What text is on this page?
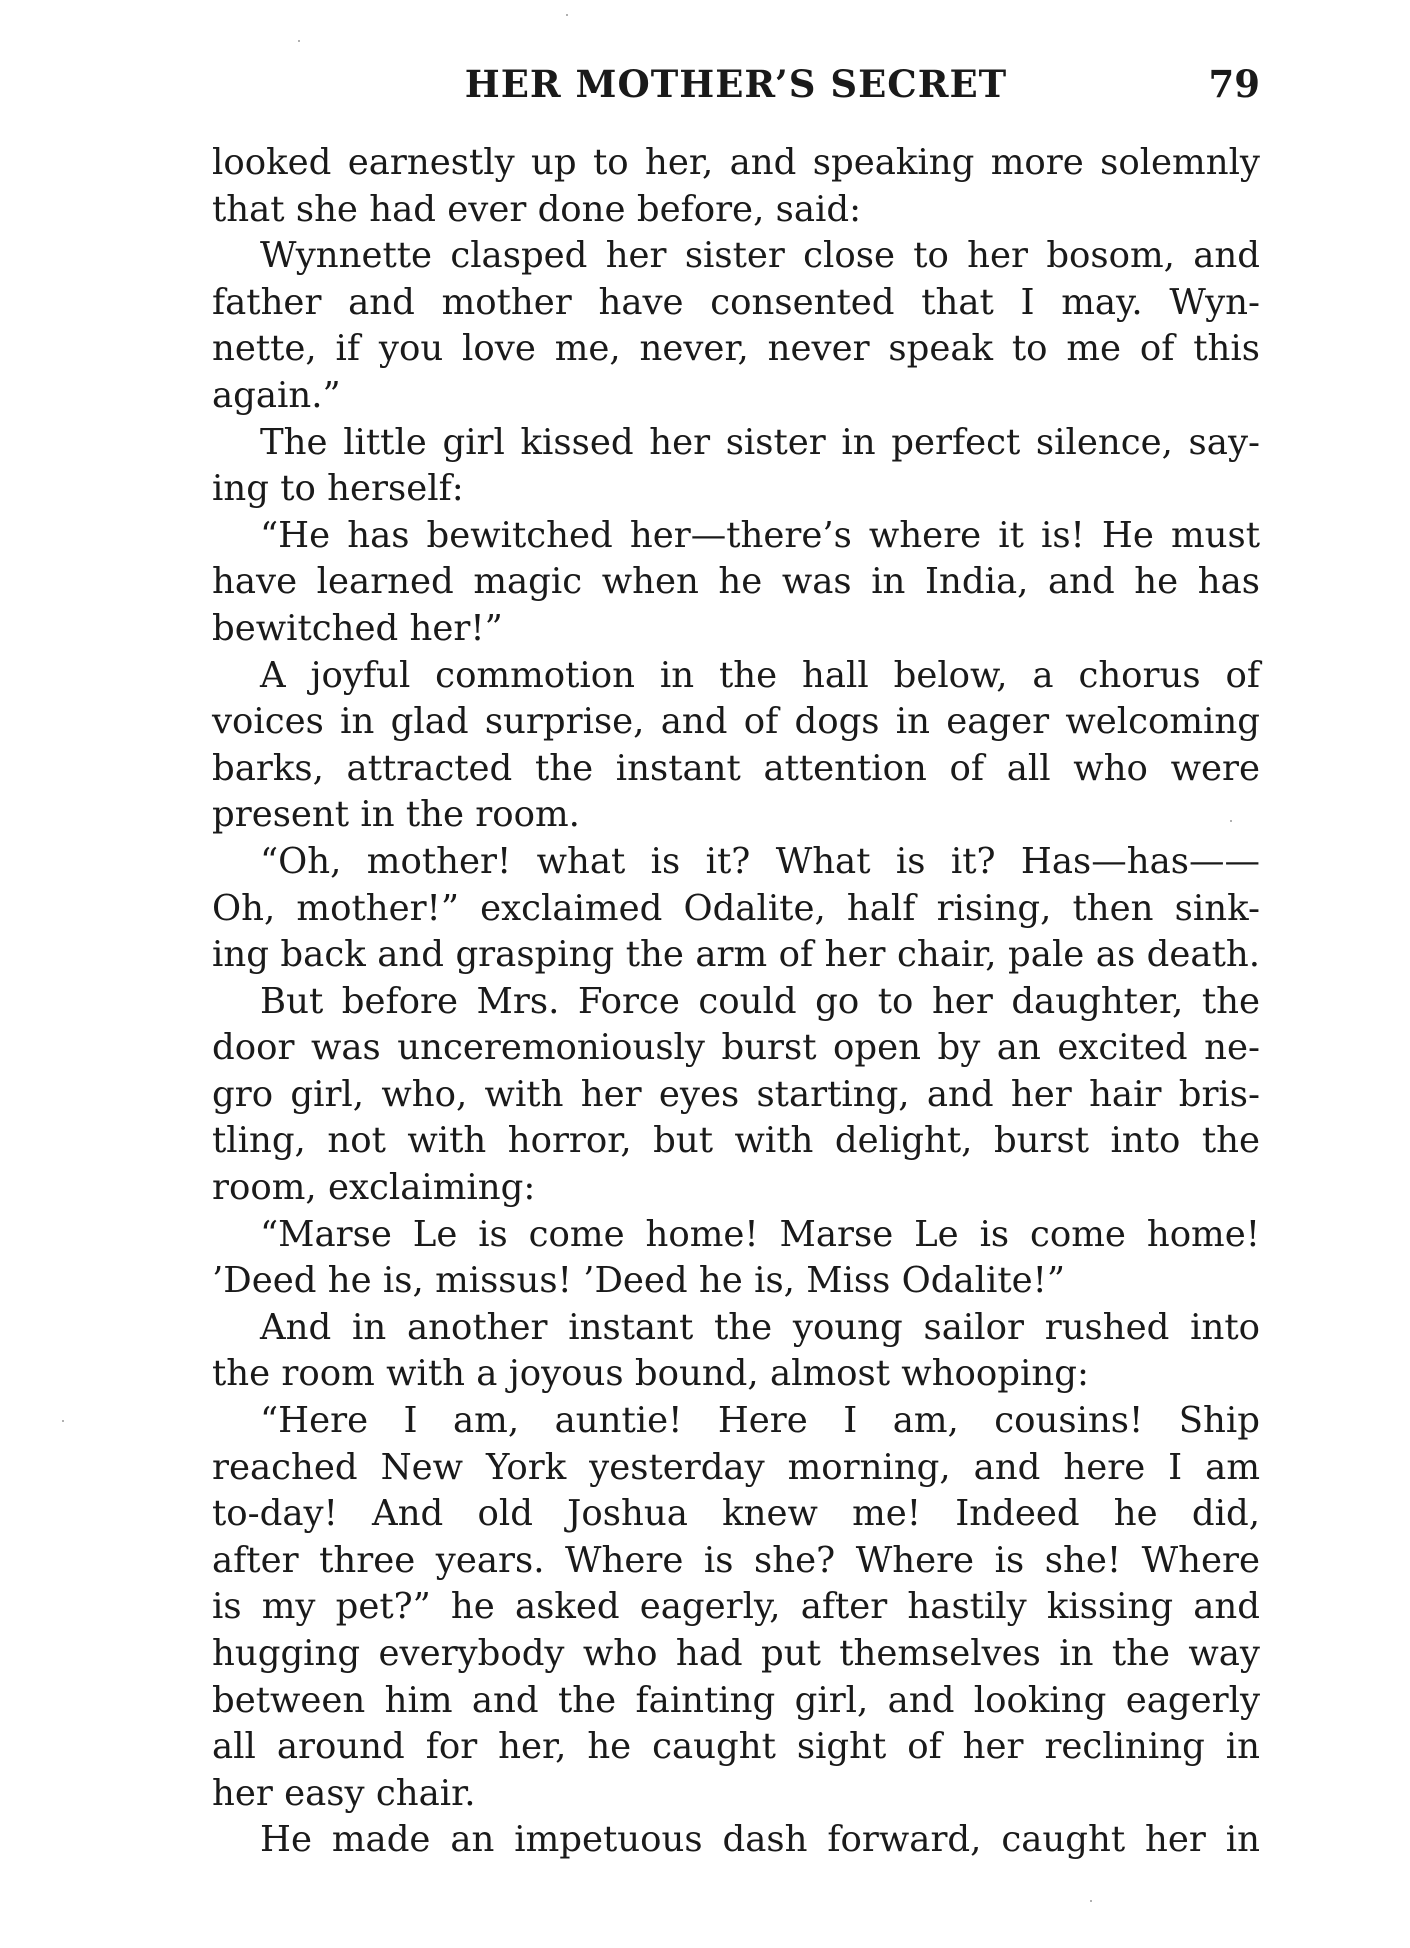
HER MOTHER’S SECRET	79
looked earnestly up to her, and speaking more solemnly
that she had ever done before, said:
Wynnette clasped her sister close to her bosom, and
father and mother have consented that I may. Wyn-
nette, if you love me, never, never speak to me of this
again.”
The little girl kissed her sister in perfect silence, say-
ing to herself:
“He has bewitched her—there’s where it is! He must
have learned magic when he was in India, and he has
bewitched her!”
A joyful commotion in the hall below, a chorus of
voices in glad surprise, and of dogs in eager welcoming
barks, attracted the instant attention of all who were
present in the room.
“Oh, mother! what is it? What is it? Has—has——
Oh, mother!” exclaimed Odalite, half rising, then sink-
ing back and grasping the arm of her chair, pale as death.
But before Mrs. Force could go to her daughter, the
door was unceremoniously burst open by an excited ne-
gro girl, who, with her eyes starting, and her hair bris-
tling, not with horror, but with delight, burst into the
room, exclaiming:
“Marse Le is come home! Marse Le is come home!
’Deed he is, missus! ’Deed he is, Miss Odalite!”
And in another instant the young sailor rushed into
the room with a joyous bound, almost whooping:
“Here I am, auntie! Here I am, cousins! Ship
reached New York yesterday morning, and here I am
to-day! And old Joshua knew me! Indeed he did,
after three years. Where is she? Where is she! Where
is my pet?” he asked eagerly, after hastily kissing and
hugging everybody who had put themselves in the way
between him and the fainting girl, and looking eagerly
all around for her, he caught sight of her reclining in
her easy chair.
He made an impetuous dash forward, caught her in
